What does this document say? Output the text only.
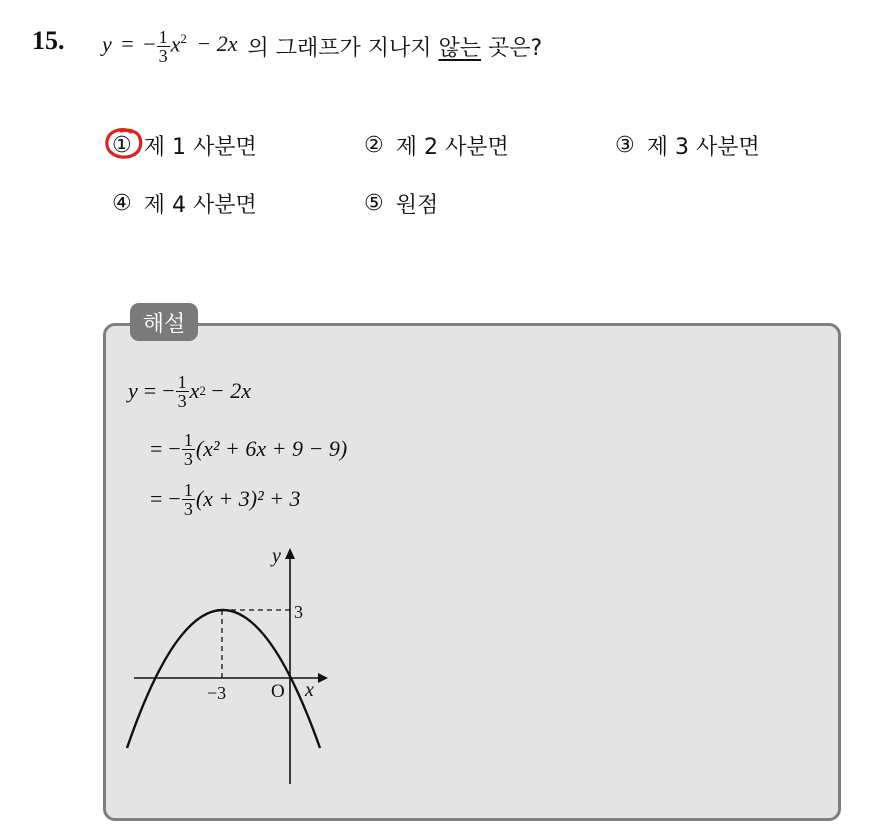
15. y = − $\frac{1}{3} x^2 - 2x$ 의 그래프가 지나지 않는 곳은?
① 제 1 사분면	② 제 2 사분면	③ 제 3 사분면
④ 제 4 사분면	⑤ 원점
해설
y = − $\frac{1}{3}$ x 2 − 2x
= − $\frac{1}{3} (x^2 + 6x + 9 - 9)$
= − $\frac{1}{3} (x + 3)^2 + 3$
y
x
O
−3
3
